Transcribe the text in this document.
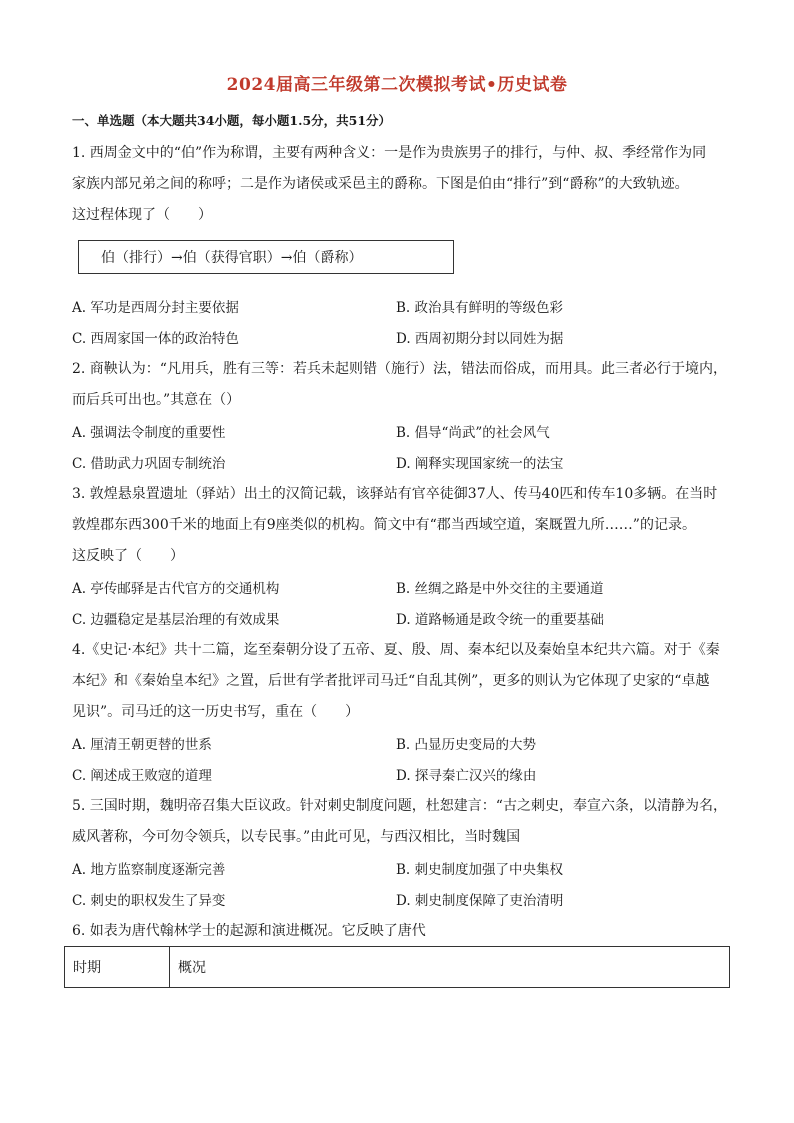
2024届高三年级第二次模拟考试•历史试卷
一、单选题（本大题共34小题，每小题1.5分，共51分）
1. 西周金文中的“伯”作为称谓，主要有两种含义：一是作为贵族男子的排行，与仲、叔、季经常作为同
家族内部兄弟之间的称呼；二是作为诸侯或采邑主的爵称。下图是伯由“排行”到“爵称”的大致轨迹。
这过程体现了（　　）
伯（排行）→伯（获得官职）→伯（爵称）
A. 军功是西周分封主要依据	B. 政治具有鲜明的等级色彩
C. 西周家国一体的政治特色	D. 西周初期分封以同姓为据
2. 商鞅认为：“凡用兵，胜有三等：若兵未起则错（施行）法，错法而俗成，而用具。此三者必行于境内，
而后兵可出也。”其意在（）
A. 强调法令制度的重要性	B. 倡导“尚武”的社会风气
C. 借助武力巩固专制统治	D. 阐释实现国家统一的法宝
3. 敦煌悬泉置遗址（驿站）出土的汉简记载，该驿站有官卒徒御37人、传马40匹和传车10多辆。在当时
敦煌郡东西300千米的地面上有9座类似的机构。简文中有“郡当西域空道，案厩置九所……”的记录。
这反映了（　　）
A. 亭传邮驿是古代官方的交通机构	B. 丝绸之路是中外交往的主要通道
C. 边疆稳定是基层治理的有效成果	D. 道路畅通是政令统一的重要基础
4.《史记·本纪》共十二篇，迄至秦朝分设了五帝、夏、殷、周、秦本纪以及秦始皇本纪共六篇。对于《秦
本纪》和《秦始皇本纪》之置，后世有学者批评司马迁“自乱其例”，更多的则认为它体现了史家的“卓越
见识”。司马迁的这一历史书写，重在（　　）
A. 厘清王朝更替的世系	B. 凸显历史变局的大势
C. 阐述成王败寇的道理	D. 探寻秦亡汉兴的缘由
5. 三国时期，魏明帝召集大臣议政。针对刺史制度问题，杜恕建言：“古之刺史，奉宣六条，以清静为名，
威风著称，今可勿令领兵，以专民事。”由此可见，与西汉相比，当时魏国
A. 地方监察制度逐渐完善	B. 刺史制度加强了中央集权
C. 刺史的职权发生了异变	D. 刺史制度保障了吏治清明
6. 如表为唐代翰林学士的起源和演进概况。它反映了唐代
时期	概况
